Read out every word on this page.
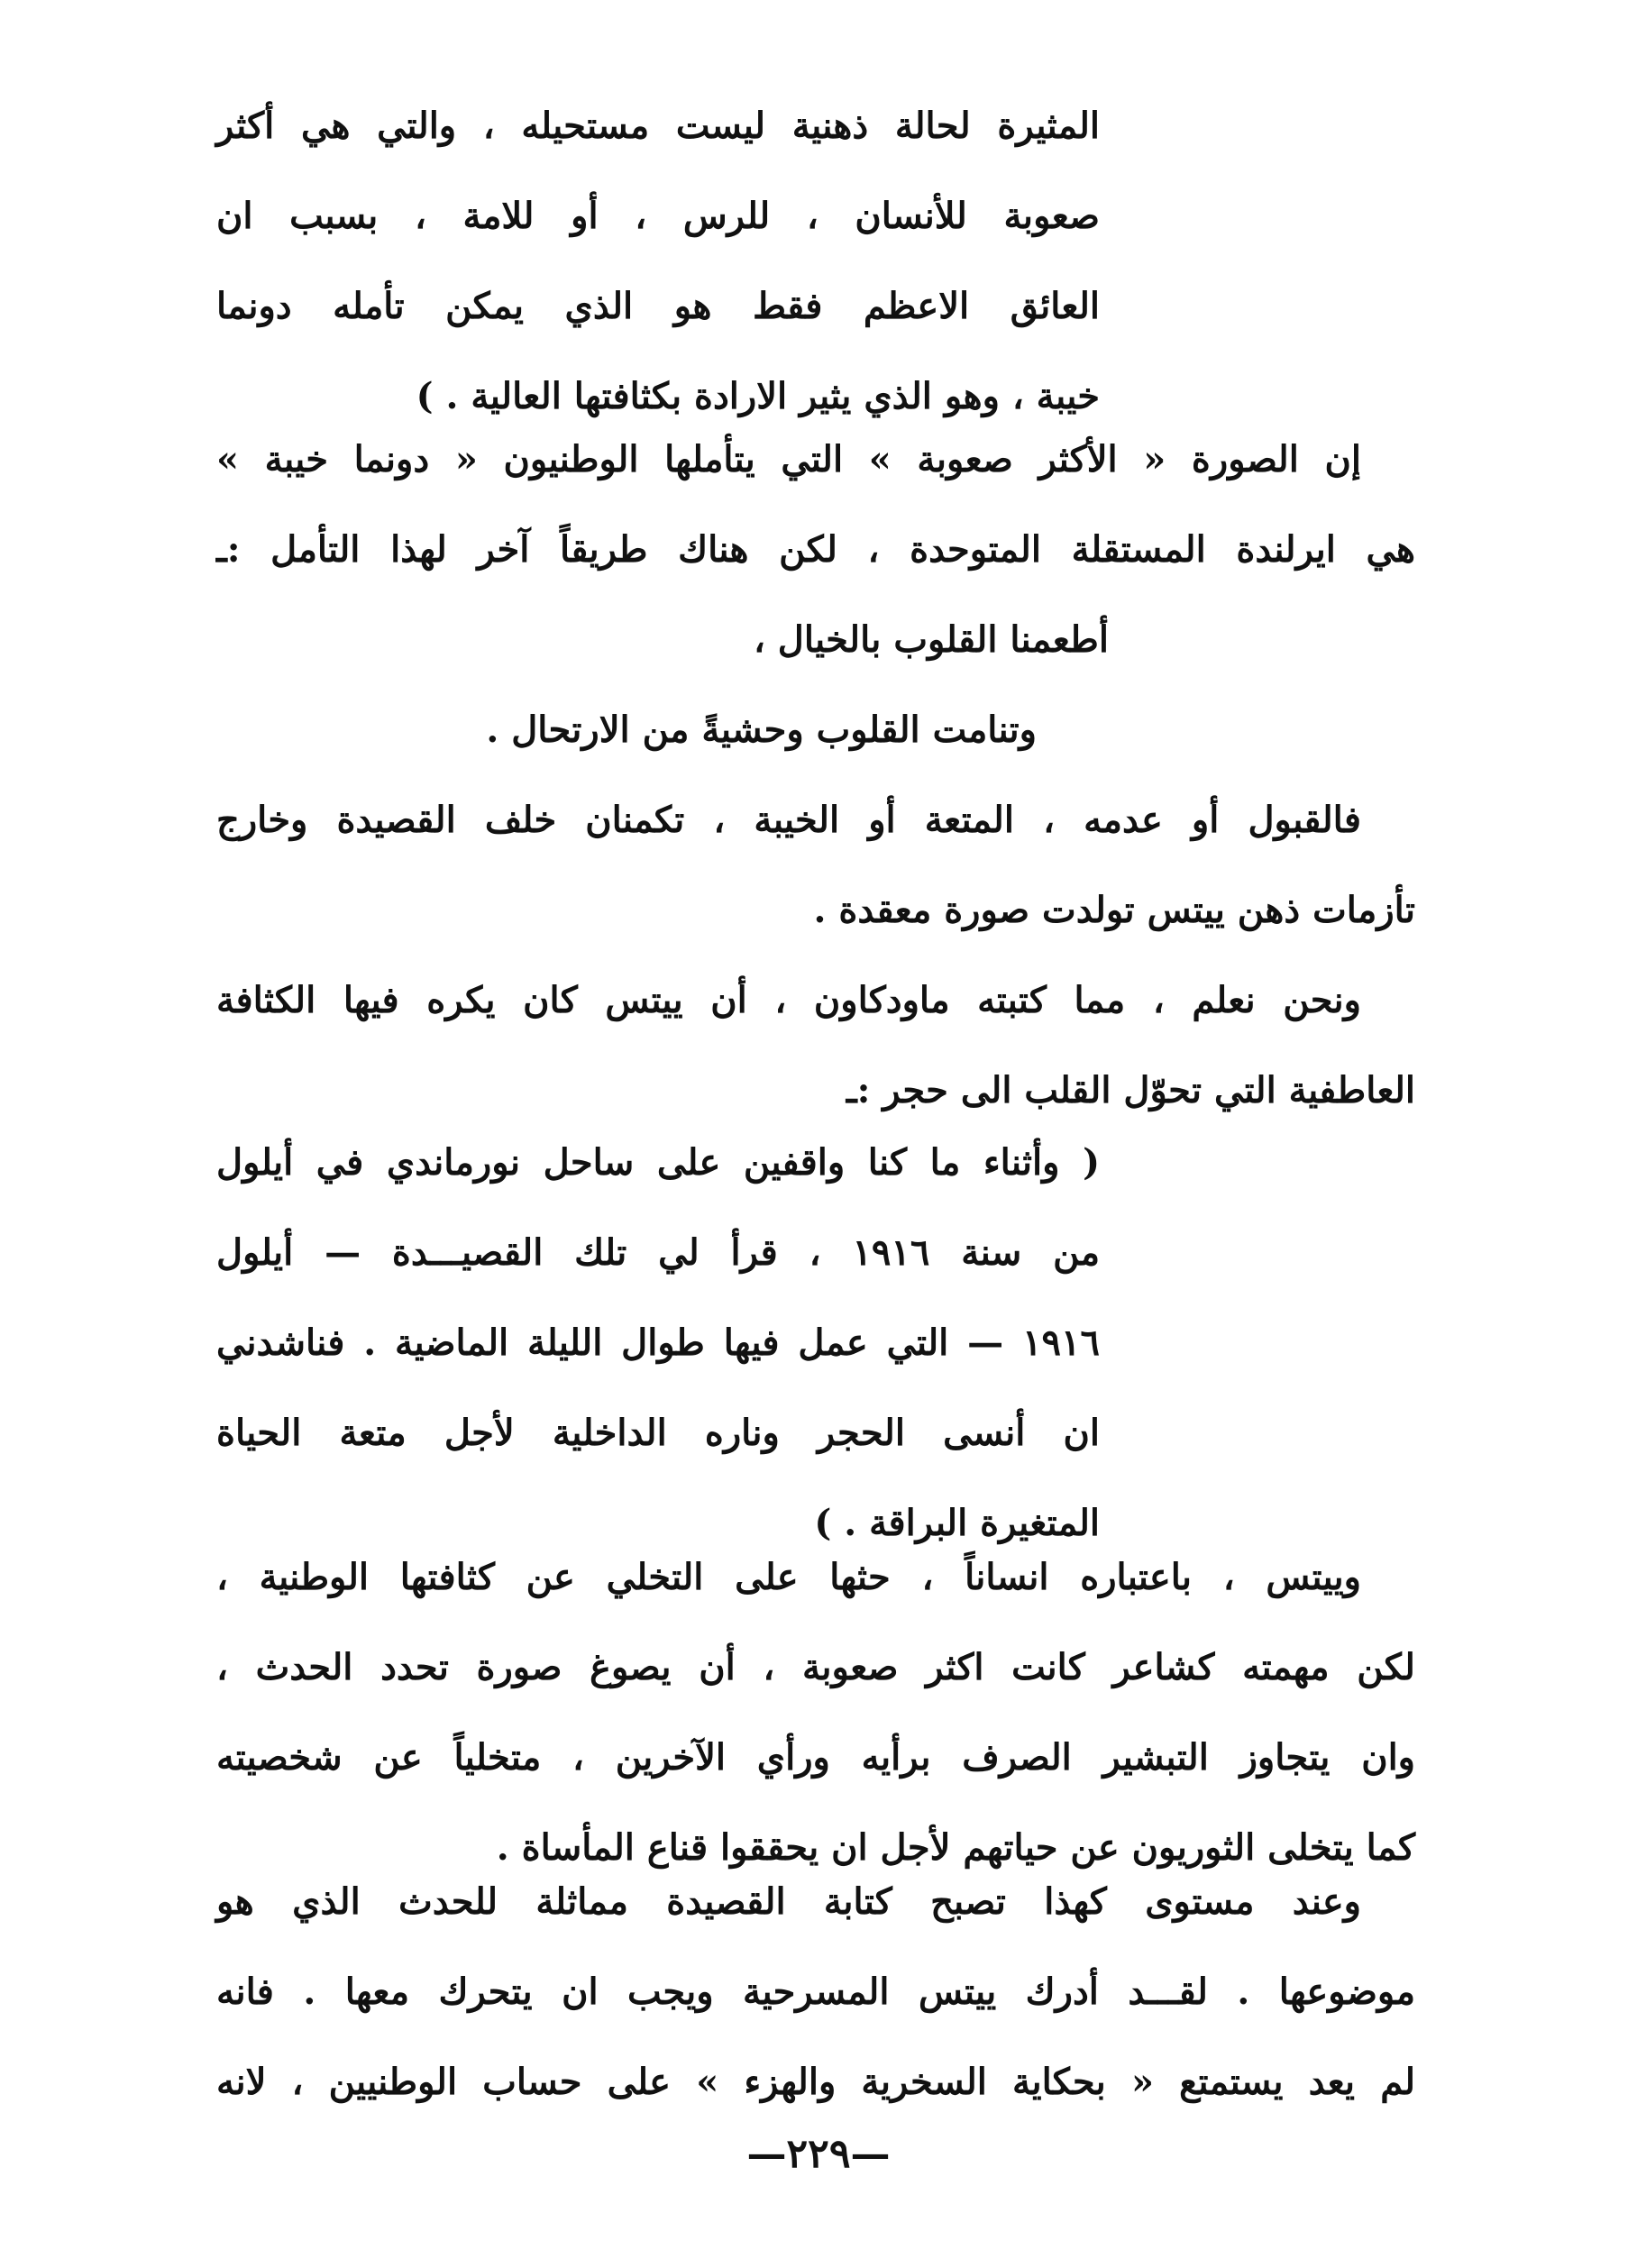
المثيرة لحالة ذهنية ليست مستحيله ، والتي هي أكثر
صعوبة للأنسان ، للرس ، أو للامة ، بسبب ان
العائق الاعظم فقط هو الذي يمكن تأمله دونما
خيبة ، وهو الذي يثير الارادة بكثافتها العالية . )
إن الصورة « الأكثر صعوبة » التي يتأملها الوطنيون « دونما خيبة »
هي ايرلندة المستقلة المتوحدة ، لكن هناك طريقاً آخر لهذا التأمل :ـ
أطعمنا القلوب بالخيال ،
وتنامت القلوب وحشيةً من الارتحال .
فالقبول أو عدمه ، المتعة أو الخيبة ، تكمنان خلف القصيدة وخارج
تأزمات ذهن ييتس تولدت صورة معقدة .
ونحن نعلم ، مما كتبته ماودكاون ، أن ييتس كان يكره فيها الكثافة
العاطفية التي تحوّل القلب الى حجر :ـ
( وأثناء ما كنا واقفين على ساحل نورماندي في أيلول
من سنة ١٩١٦ ، قرأ لي تلك القصيـــدة — أيلول
١٩١٦ — التي عمل فيها طوال الليلة الماضية . فناشدني
ان أنسى الحجر وناره الداخلية لأجل متعة الحياة
المتغيرة البراقة . )
وييتس ، باعتباره انساناً ، حثها على التخلي عن كثافتها الوطنية ،
لكن مهمته كشاعر كانت اكثر صعوبة ، أن يصوغ صورة تحدد الحدث ،
وان يتجاوز التبشير الصرف برأيه ورأي الآخرين ، متخلياً عن شخصيته
كما يتخلى الثوريون عن حياتهم لأجل ان يحققوا قناع المأساة .
وعند مستوى كهذا تصبح كتابة القصيدة مماثلة للحدث الذي هو
موضوعها . لقـــد أدرك ييتس المسرحية ويجب ان يتحرك معها . فانه
لم يعد يستمتع « بحكاية السخرية والهزء » على حساب الوطنيين ، لانه
—٢٢٩—
